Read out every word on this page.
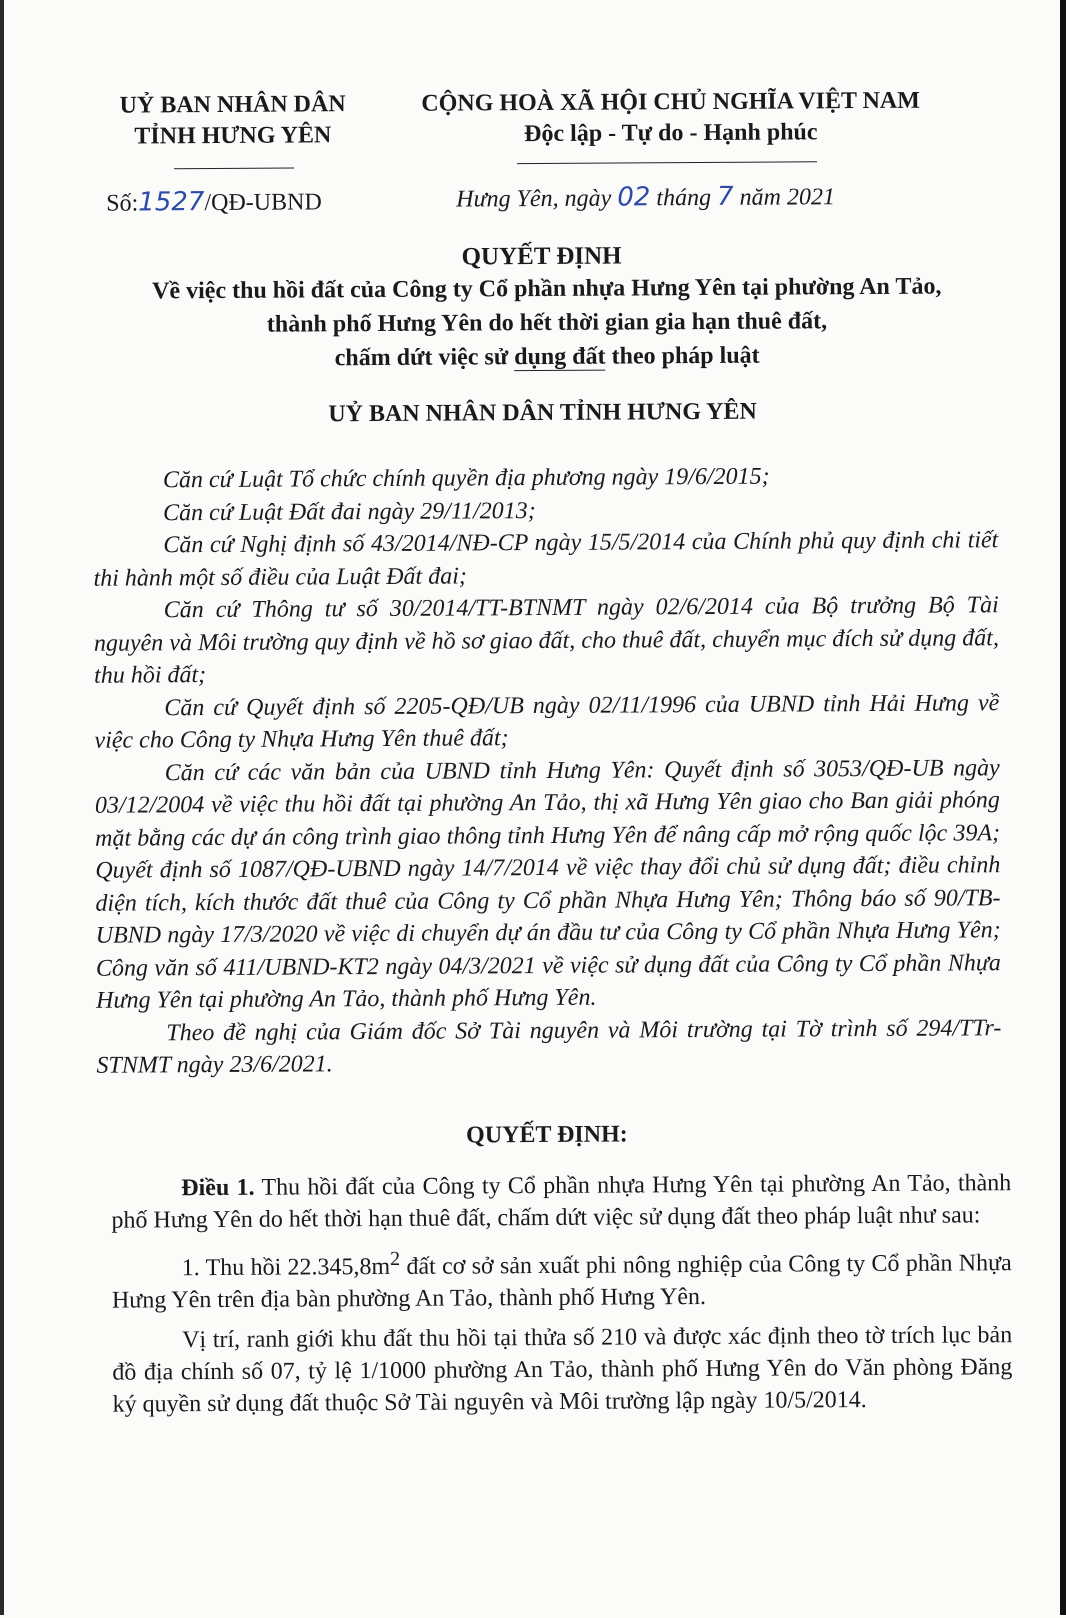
UỶ BAN NHÂN DÂN
TỈNH HƯNG YÊN
CỘNG HOÀ XÃ HỘI CHỦ NGHĨA VIỆT NAM
Độc lập - Tự do - Hạnh phúc
Số:1527/QĐ-UBND	Hưng Yên, ngày 02 tháng 7 năm 2021
QUYẾT ĐỊNH
Về việc thu hồi đất của Công ty Cổ phần nhựa Hưng Yên tại phường An Tảo,
thành phố Hưng Yên do hết thời gian gia hạn thuê đất,
chấm dứt việc sử dụng đất theo pháp luật
UỶ BAN NHÂN DÂN TỈNH HƯNG YÊN

Căn cứ Luật Tổ chức chính quyền địa phương ngày 19/6/2015;

Căn cứ Luật Đất đai ngày 29/11/2013;

Căn cứ Nghị định số 43/2014/NĐ-CP ngày 15/5/2014 của Chính phủ quy định chi tiết thi hành một số điều của Luật Đất đai;

Căn cứ Thông tư số 30/2014/TT-BTNMT ngày 02/6/2014 của Bộ trưởng Bộ Tài nguyên và Môi trường quy định về hồ sơ giao đất, cho thuê đất, chuyển mục đích sử dụng đất, thu hồi đất;

Căn cứ Quyết định số 2205-QĐ/UB ngày 02/11/1996 của UBND tỉnh Hải Hưng về việc cho Công ty Nhựa Hưng Yên thuê đất;

Căn cứ các văn bản của UBND tỉnh Hưng Yên: Quyết định số 3053/QĐ-UB ngày 03/12/2004 về việc thu hồi đất tại phường An Tảo, thị xã Hưng Yên giao cho Ban giải phóng mặt bằng các dự án công trình giao thông tỉnh Hưng Yên để nâng cấp mở rộng quốc lộc 39A; Quyết định số 1087/QĐ-UBND ngày 14/7/2014 về việc thay đổi chủ sử dụng đất; điều chỉnh diện tích, kích thước đất thuê của Công ty Cổ phần Nhựa Hưng Yên; Thông báo số 90/TB-UBND ngày 17/3/2020 về việc di chuyển dự án đầu tư của Công ty Cổ phần Nhựa Hưng Yên; Công văn số 411/UBND-KT2 ngày 04/3/2021 về việc sử dụng đất của Công ty Cổ phần Nhựa Hưng Yên tại phường An Tảo, thành phố Hưng Yên.

Theo đề nghị của Giám đốc Sở Tài nguyên và Môi trường tại Tờ trình số 294/TTr-STNMT ngày 23/6/2021.

QUYẾT ĐỊNH:

Điều 1. Thu hồi đất của Công ty Cổ phần nhựa Hưng Yên tại phường An Tảo, thành phố Hưng Yên do hết thời hạn thuê đất, chấm dứt việc sử dụng đất theo pháp luật như sau:

1. Thu hồi $22.345,8m^2$ đất cơ sở sản xuất phi nông nghiệp của Công ty Cổ phần Nhựa Hưng Yên trên địa bàn phường An Tảo, thành phố Hưng Yên.

Vị trí, ranh giới khu đất thu hồi tại thửa số 210 và được xác định theo tờ trích lục bản đồ địa chính số 07, tỷ lệ 1/1000 phường An Tảo, thành phố Hưng Yên do Văn phòng Đăng ký quyền sử dụng đất thuộc Sở Tài nguyên và Môi trường lập ngày 10/5/2014.
